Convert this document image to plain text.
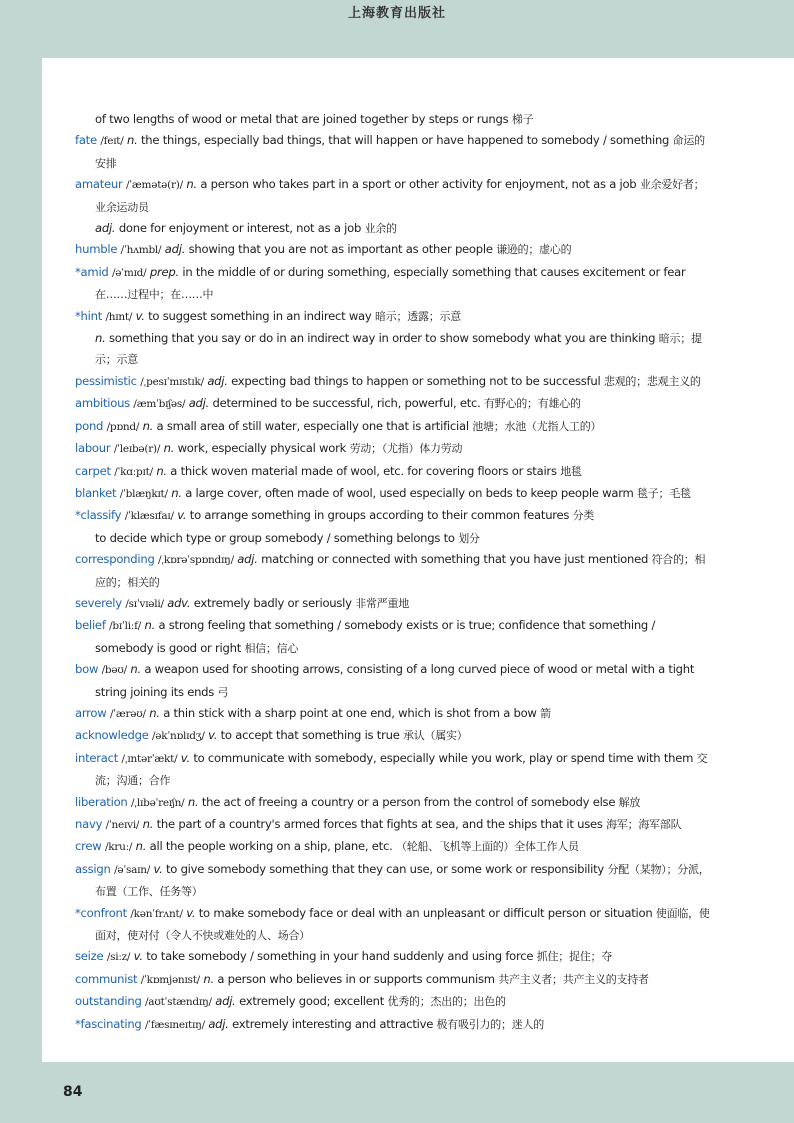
上海教育出版社

of two lengths of wood or metal that are joined together by steps or rungs 梯子

fate /feɪt/ n. the things, especially bad things, that will happen or have happened to somebody / something 命运的安排

amateur /ˈæmətə(r)/ n. a person who takes part in a sport or other activity for enjoyment, not as a job 业余爱好者；业余运动员

adj. done for enjoyment or interest, not as a job 业余的

humble /ˈhʌmbl/ adj. showing that you are not as important as other people 谦逊的；虚心的

*amid /əˈmɪd/ prep. in the middle of or during something, especially something that causes excitement or fear 在……过程中；在……中

*hint /hɪnt/ v. to suggest something in an indirect way 暗示；透露；示意

n. something that you say or do in an indirect way in order to show somebody what you are thinking 暗示；提示；示意

pessimistic /ˌpesɪˈmɪstɪk/ adj. expecting bad things to happen or something not to be successful 悲观的；悲观主义的

ambitious /æmˈbɪʃəs/ adj. determined to be successful, rich, powerful, etc. 有野心的；有雄心的

pond /pɒnd/ n. a small area of still water, especially one that is artificial 池塘；水池（尤指人工的）

labour /ˈleɪbə(r)/ n. work, especially physical work 劳动；（尤指）体力劳动

carpet /ˈkɑːpɪt/ n. a thick woven material made of wool, etc. for covering floors or stairs 地毯

blanket /ˈblæŋkɪt/ n. a large cover, often made of wool, used especially on beds to keep people warm 毯子；毛毯

*classify /ˈklæsɪfaɪ/ v. to arrange something in groups according to their common features 分类

to decide which type or group somebody / something belongs to 划分

corresponding /ˌkɒrəˈspɒndɪŋ/ adj. matching or connected with something that you have just mentioned 符合的；相应的；相关的

severely /sɪˈvɪəli/ adv. extremely badly or seriously 非常严重地

belief /bɪˈliːf/ n. a strong feeling that something / somebody exists or is true; confidence that something / somebody is good or right 相信；信心

bow /bəʊ/ n. a weapon used for shooting arrows, consisting of a long curved piece of wood or metal with a tight string joining its ends 弓

arrow /ˈærəʊ/ n. a thin stick with a sharp point at one end, which is shot from a bow 箭

acknowledge /əkˈnɒlɪdʒ/ v. to accept that something is true 承认（属实）

interact /ˌɪntərˈækt/ v. to communicate with somebody, especially while you work, play or spend time with them 交流；沟通；合作

liberation /ˌlɪbəˈreɪʃn/ n. the act of freeing a country or a person from the control of somebody else 解放

navy /ˈneɪvi/ n. the part of a country's armed forces that fights at sea, and the ships that it uses 海军；海军部队

crew /kruː/ n. all the people working on a ship, plane, etc. （轮船、飞机等上面的）全体工作人员

assign /əˈsaɪn/ v. to give somebody something that they can use, or some work or responsibility 分配（某物）；分派，布置（工作、任务等）

*confront /kənˈfrʌnt/ v. to make somebody face or deal with an unpleasant or difficult person or situation 使面临，使面对，使对付（令人不快或难处的人、场合）

seize /siːz/ v. to take somebody / something in your hand suddenly and using force 抓住；捉住；夺

communist /ˈkɒmjənɪst/ n. a person who believes in or supports communism 共产主义者；共产主义的支持者

outstanding /aʊtˈstændɪŋ/ adj. extremely good; excellent 优秀的；杰出的；出色的

*fascinating /ˈfæsɪneɪtɪŋ/ adj. extremely interesting and attractive 极有吸引力的；迷人的

84
